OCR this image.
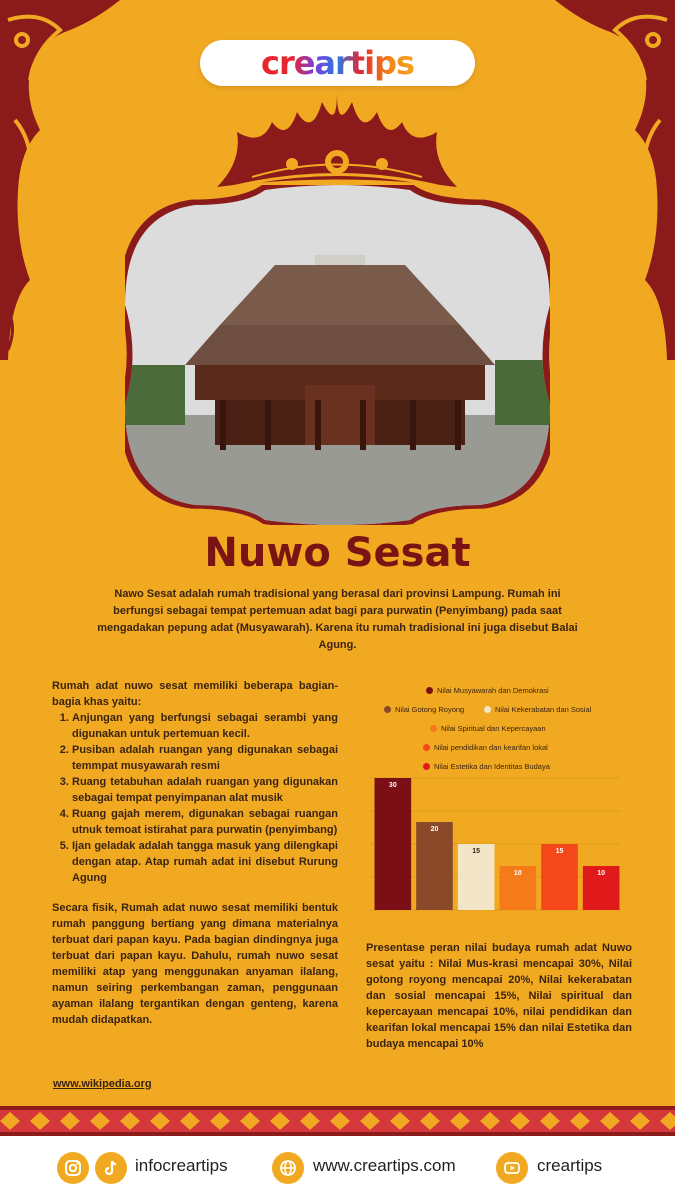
creartips
Nuwo Sesat
Nawo Sesat adalah rumah tradisional yang berasal dari provinsi Lampung. Rumah ini berfungsi sebagai tempat pertemuan adat bagi para purwatin (Penyimbang) pada saat mengadakan pepung adat (Musyawarah). Karena itu rumah tradisional ini juga disebut Balai Agung.

Rumah adat nuwo sesat memiliki beberapa bagian-bagia khas yaitu:

1. Anjungan yang berfungsi sebagai serambi yang digunakan untuk pertemuan kecil.
2. Pusiban adalah ruangan yang digunakan sebagai temmpat musyawarah resmi
3. Ruang tetabuhan adalah ruangan yang digunakan sebagai tempat penyimpanan alat musik
4. Ruang gajah merem, digunakan sebagai ruangan utnuk temoat istirahat para purwatin (penyimbang)
5. Ijan geladak adalah tangga masuk yang dilengkapi dengan atap. Atap rumah adat ini disebut Rurung Agung

Secara fisik, Rumah adat nuwo sesat memiliki bentuk rumah panggung bertiang yang dimana materialnya terbuat dari papan kayu. Pada bagian dindingnya juga terbuat dari papan kayu. Dahulu, rumah nuwo sesat memiliki atap yang menggunakan anyaman ilalang, namun seiring perkembangan zaman, penggunaan ayaman ilalang tergantikan dengan genteng, karena mudah didapatkan.

www.wikipedia.org
Nilai Musyawarah dan Demokrasi
Nilai Gotong Royong	Nilai Kekerabatan dan Sosial
Nilai Spiritual dan Kepercayaan
Nilai pendidikan dan kearifan lokal
Nilai Estetika dan Identitas Budaya
30
20
15
10
15
10
Presentase peran nilai budaya rumah adat Nuwo sesat yaitu : Nilai Mus-krasi mencapai 30%, Nilai gotong royong mencapai 20%, Nilai kekerabatan dan sosial mencapai 15%, Nilai spiritual dan kepercayaan mencapai 10%, nilai pendidikan dan kearifan lokal mencapai 15% dan nilai Estetika dan budaya mencapai 10%
infocreartips	www.creartips.com	creartips
